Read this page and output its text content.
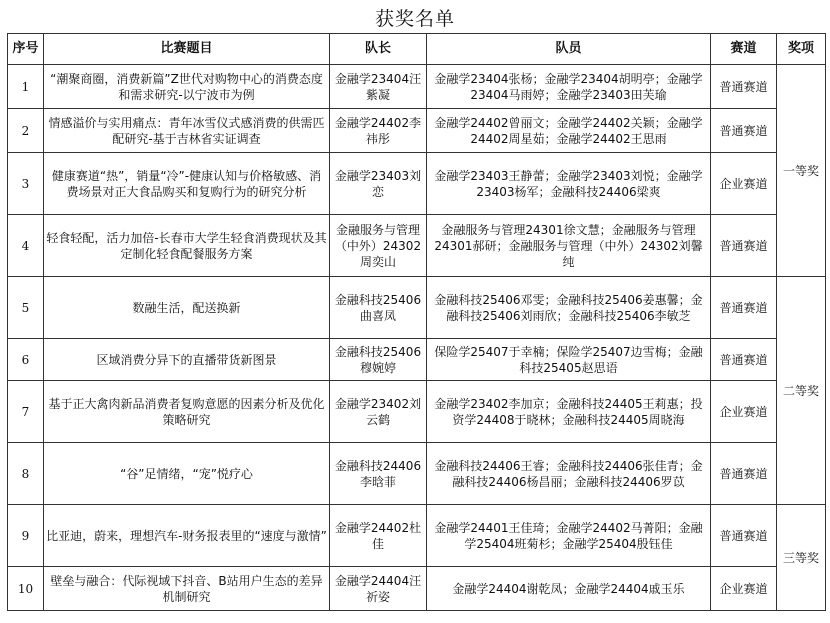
获奖名单
序号	比赛题目	队长	队员	赛道	奖项
1	“潮聚商圈，消费新篇”Z世代对购物中心的消费态度和需求研究-以宁波市为例	金融学23404汪紫凝	金融学23404张杨；金融学23404胡明亭；金融学23404马雨婷；金融学23403田芙瑜	普通赛道	一等奖
2	情感溢价与实用痛点：青年冰雪仪式感消费的供需匹配研究-基于吉林省实证调查	金融学24402李祎彤	金融学24402曾丽文；金融学24402关颖；金融学24402周星茹；金融学24402王思雨	普通赛道	
3	健康赛道“热”，销量“冷”-健康认知与价格敏感、消费场景对正大食品购买和复购行为的研究分析	金融学23403刘恋	金融学23403王静蕾；金融学23403刘悦；金融学23403杨军；金融科技24406梁爽	企业赛道	
4	轻食轻配，活力加倍-长春市大学生轻食消费现状及其定制化轻食配餐服务方案	金融服务与管理（中外）24302周奕山	金融服务与管理24301徐文慧；金融服务与管理24301郝研；金融服务与管理（中外）24302刘馨纯	普通赛道	
5	数融生活，配送换新	金融科技25406曲喜凤	金融科技25406邓雯；金融科技25406姜惠馨；金融科技25406刘雨欣；金融科技25406李敏芝	普通赛道	二等奖
6	区域消费分异下的直播带货新图景	金融科技25406穆婉婷	保险学25407于幸楠；保险学25407边雪梅；金融科技25405赵思语	普通赛道	
7	基于正大禽肉新品消费者复购意愿的因素分析及优化策略研究	金融学23402刘云鹤	金融学23402李加京；金融科技24405王莉惠；投资学24408于晓林；金融科技24405周晓海	企业赛道	
8	“谷”足情绪，“宠”悦疗心	金融科技24406李晗菲	金融科技24406王睿；金融科技24406张佳青；金融科技24406杨昌丽；金融科技24406罗苡	普通赛道	
9	比亚迪，蔚来，理想汽车-财务报表里的“速度与激情”	金融学24402杜佳	金融学24401王佳琦；金融学24402马菁阳；金融学25404班菊杉；金融学25404殷钰佳	普通赛道	三等奖
10	壁垒与融合：代际视域下抖音、B站用户生态的差异机制研究	金融学24404汪祈姿	金融学24404谢乾凤；金融学24404戚玉乐	企业赛道	
